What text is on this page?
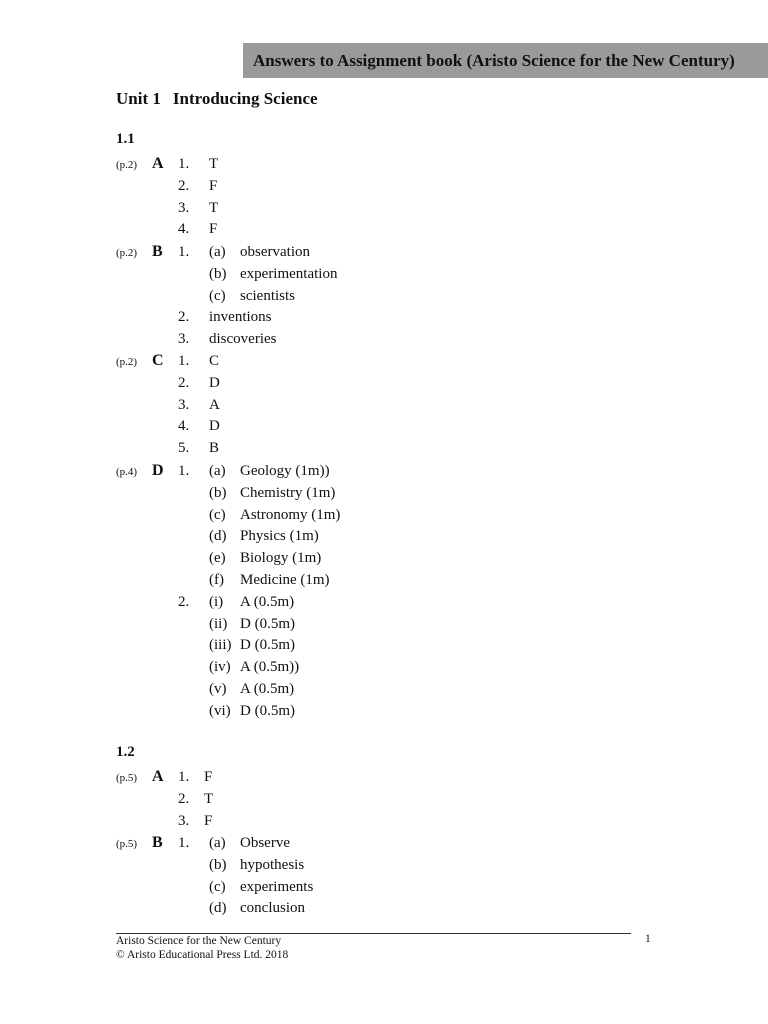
Answers to Assignment book (Aristo Science for the New Century)
Unit 1 Introducing Science
1.1
(p.2) A 1. T
2. F
3. T
4. F
(p.2) B 1. (a) observation
(b) experimentation
(c) scientists
2. inventions
3. discoveries
(p.2) C 1. C
2. D
3. A
4. D
5. B
(p.4) D 1. (a) Geology (1m))
(b) Chemistry (1m)
(c) Astronomy (1m)
(d) Physics (1m)
(e) Biology (1m)
(f) Medicine (1m)
2. (i) A (0.5m)
(ii) D (0.5m)
(iii) D (0.5m)
(iv) A (0.5m))
(v) A (0.5m)
(vi) D (0.5m)
1.2
(p.5) A 1. F
2. T
3. F
(p.5) B 1. (a) Observe
(b) hypothesis
(c) experiments
(d) conclusion
Aristo Science for the New Century
© Aristo Educational Press Ltd. 2018
1
